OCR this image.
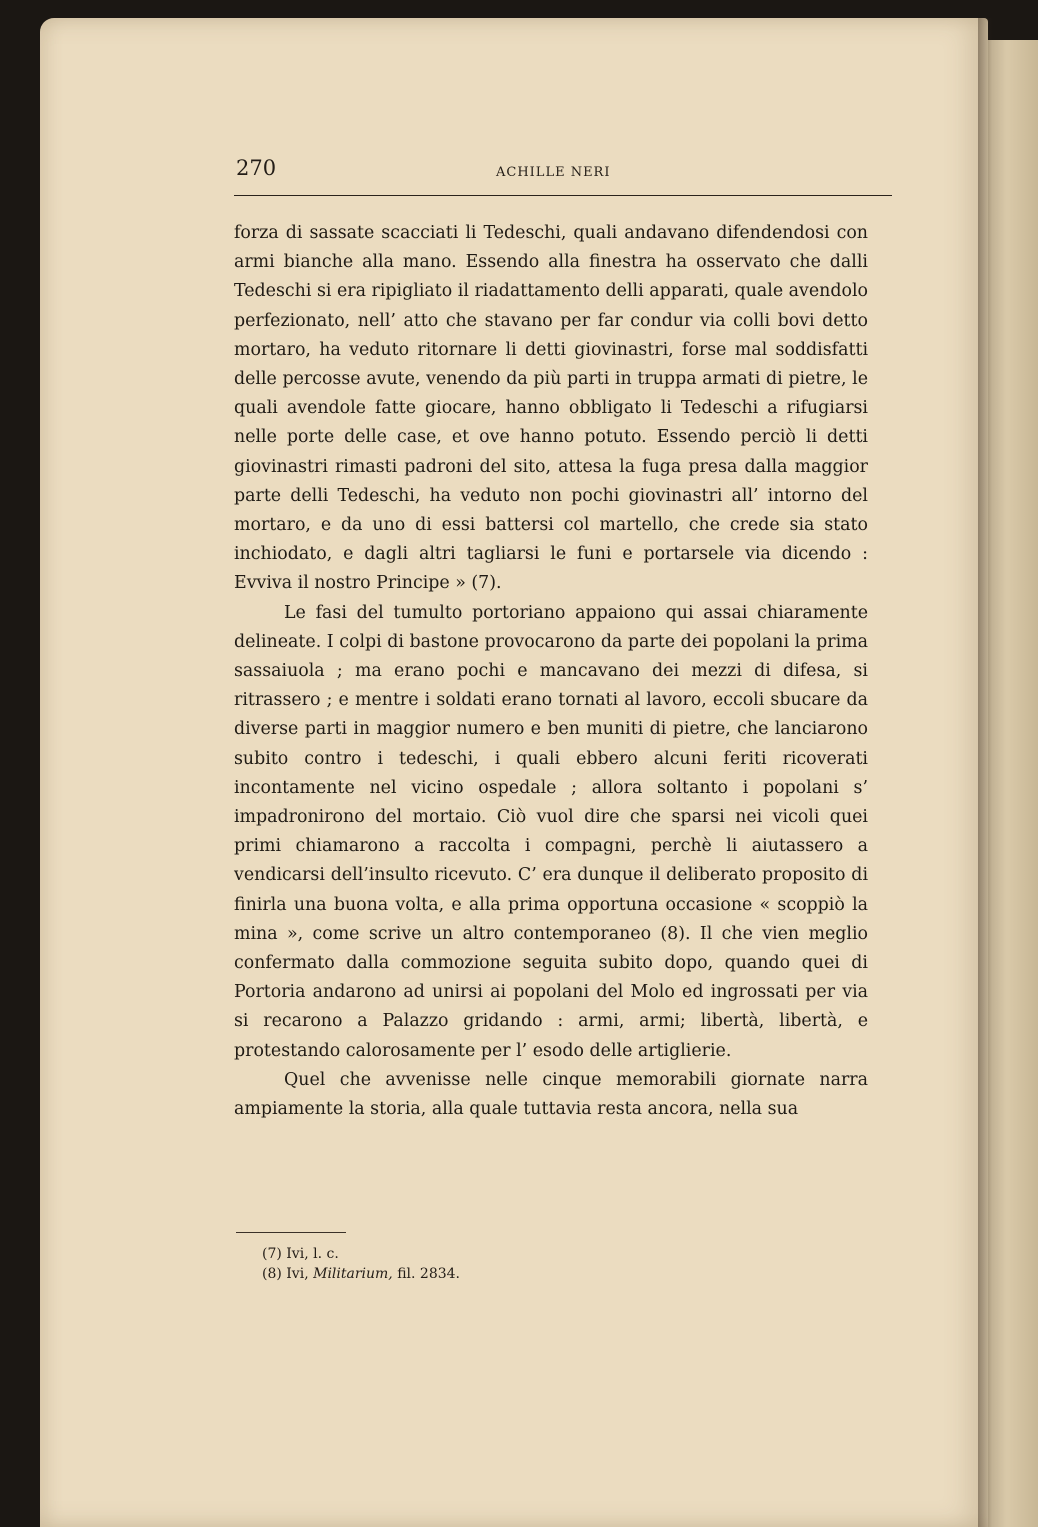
270	ACHILLE NERI

forza di sassate scacciati li Tedeschi, quali andavano difendendosi con armi bianche alla mano. Essendo alla finestra ha osservato che dalli Tedeschi si era ripigliato il riadattamento delli apparati, quale avendolo perfezionato, nell’ atto che stavano per far condur via colli bovi detto mortaro, ha veduto ritornare li detti giovinastri, forse mal soddisfatti delle percosse avute, venendo da più parti in truppa armati di pietre, le quali avendole fatte giocare, hanno obbligato li Tedeschi a rifugiarsi nelle porte delle case, et ove hanno potuto. Essendo perciò li detti giovinastri rimasti padroni del sito, attesa la fuga presa dalla maggior parte delli Tedeschi, ha veduto non pochi giovinastri all’ intorno del mortaro, e da uno di essi battersi col martello, che crede sia stato inchiodato, e dagli altri tagliarsi le funi e portarsele via dicendo : Evviva il nostro Principe » (7).

Le fasi del tumulto portoriano appaiono qui assai chiaramente delineate. I colpi di bastone provocarono da parte dei popolani la prima sassaiuola ; ma erano pochi e mancavano dei mezzi di difesa, si ritrassero ; e mentre i soldati erano tornati al lavoro, eccoli sbucare da diverse parti in maggior numero e ben muniti di pietre, che lanciarono subito contro i tedeschi, i quali ebbero alcuni feriti ricoverati incontamente nel vicino ospedale ; allora soltanto i popolani s’ impadronirono del mortaio. Ciò vuol dire che sparsi nei vicoli quei primi chiamarono a raccolta i compagni, perchè li aiutassero a vendicarsi dell’insulto ricevuto. C’ era dunque il deliberato proposito di finirla una buona volta, e alla prima opportuna occasione « scoppiò la mina », come scrive un altro contemporaneo (8). Il che vien meglio confermato dalla commozione seguita subito dopo, quando quei di Portoria andarono ad unirsi ai popolani del Molo ed ingrossati per via si recarono a Palazzo gridando : armi, armi; libertà, libertà, e protestando calorosamente per l’ esodo delle artiglierie.

Quel che avvenisse nelle cinque memorabili giornate narra ampiamente la storia, alla quale tuttavia resta ancora, nella sua

(7) Ivi, l. c.
(8) Ivi, Militarium, fil. 2834.
